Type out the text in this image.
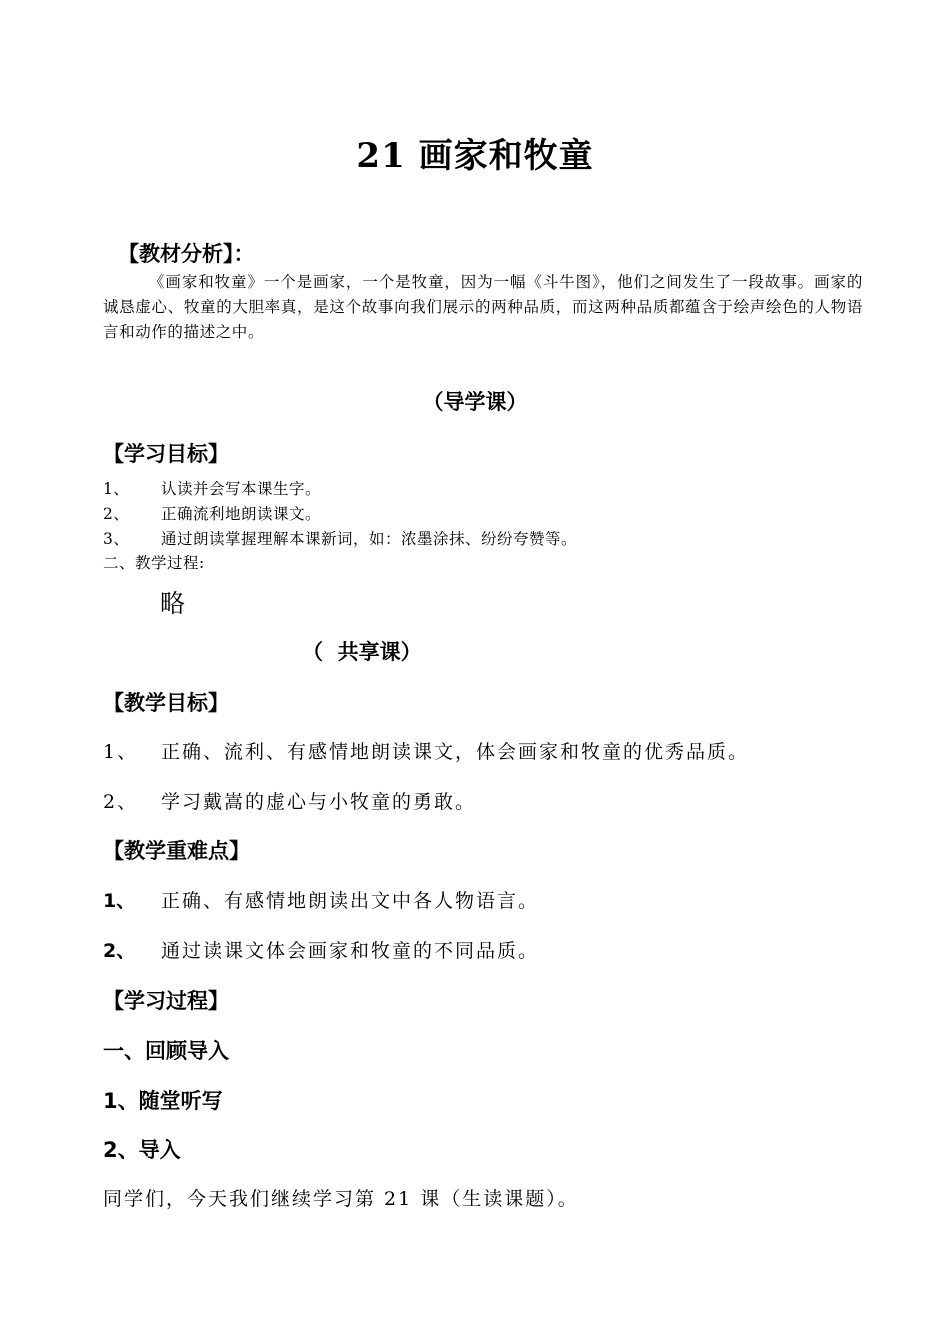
21 画家和牧童
【教材分析】：
《画家和牧童》一个是画家，一个是牧童，因为一幅《斗牛图》，他们之间发生了一段故事。画家的诚恳虚心、牧童的大胆率真，是这个故事向我们展示的两种品质，而这两种品质都蕴含于绘声绘色的人物语言和动作的描述之中。
（导学课）
【学习目标】
1、 认读并会写本课生字。
2、 正确流利地朗读课文。
3、 通过朗读掌握理解本课新词，如：浓墨涂抹、纷纷夸赞等。
二、教学过程:
略
（  共享课）
【教学目标】
1、 正确、流利、有感情地朗读课文，体会画家和牧童的优秀品质。
2、 学习戴嵩的虚心与小牧童的勇敢。
【教学重难点】
1、 正确、有感情地朗读出文中各人物语言。
2、 通过读课文体会画家和牧童的不同品质。
【学习过程】
一、回顾导入
1、随堂听写
2、导入
同学们，今天我们继续学习第 21 课（生读课题）。
